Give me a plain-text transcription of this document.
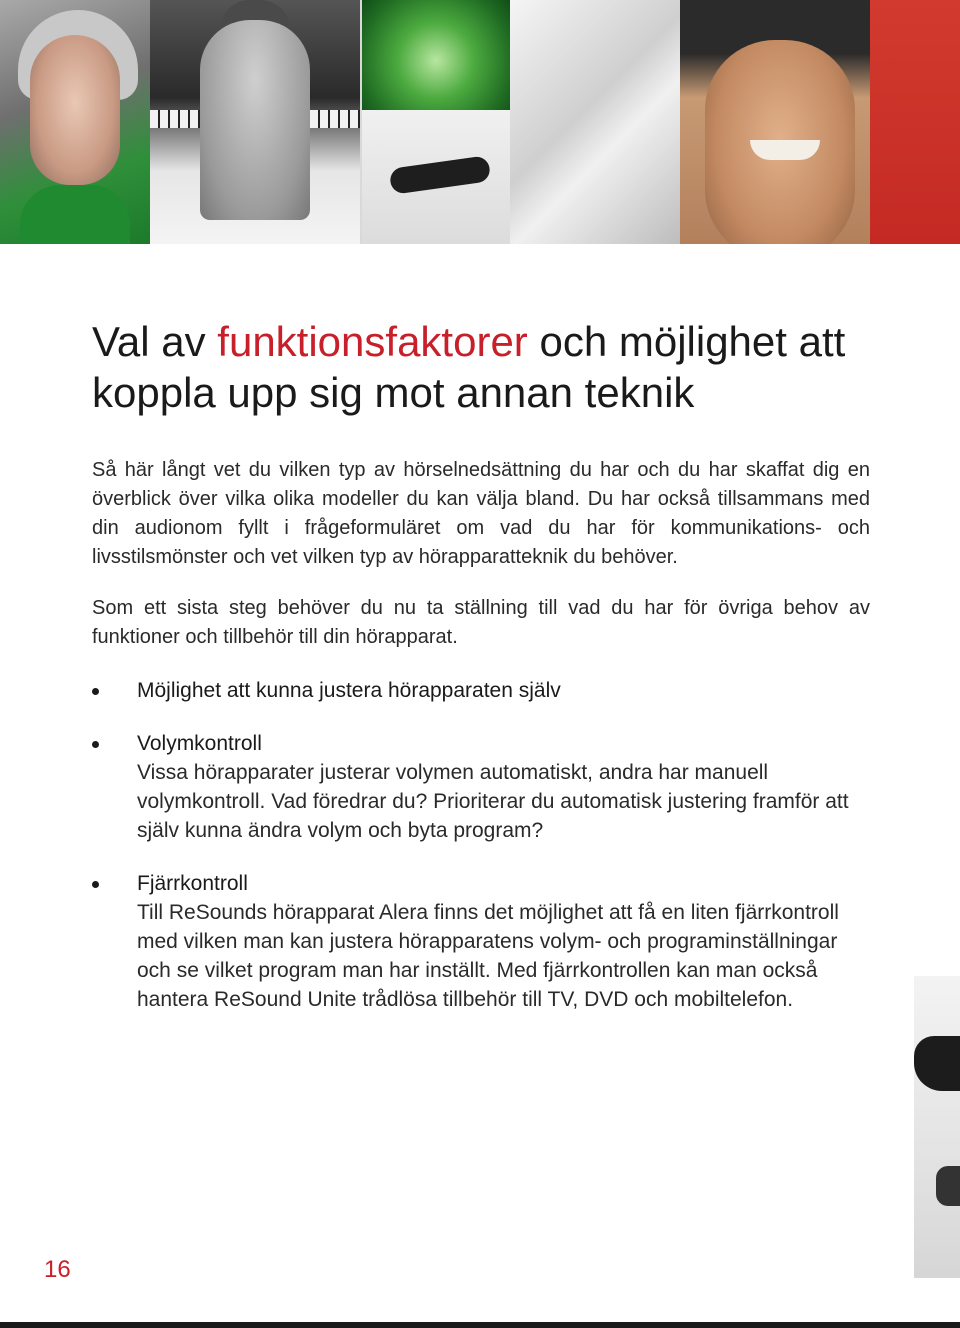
Val av funktionsfaktorer och möjlighet att koppla upp sig mot annan teknik

Så här långt vet du vilken typ av hörselnedsättning du har och du har skaffat dig en överblick över vilka olika modeller du kan välja bland. Du har också tillsammans med din audionom fyllt i frågeformuläret om vad du har för kommunikations- och livsstilsmönster och vet vilken typ av hörapparatteknik du behöver.

Som ett sista steg behöver du nu ta ställning till vad du har för övriga behov av funktioner och tillbehör till din hörapparat.

Möjlighet att kunna justera hörapparaten själv
Volymkontroll
Vissa hörapparater justerar volymen automatiskt, andra har manuell volymkontroll. Vad föredrar du? Prioriterar du automatisk justering framför att själv kunna ändra volym och byta program?
Fjärrkontroll
Till ReSounds hörapparat Alera finns det möjlighet att få en liten fjärrkontroll med vilken man kan justera hörapparatens volym- och programinställningar och se vilket program man har inställt. Med fjärrkontrollen kan man också hantera ReSound Unite trådlösa tillbehör till TV, DVD och mobiltelefon.
16
